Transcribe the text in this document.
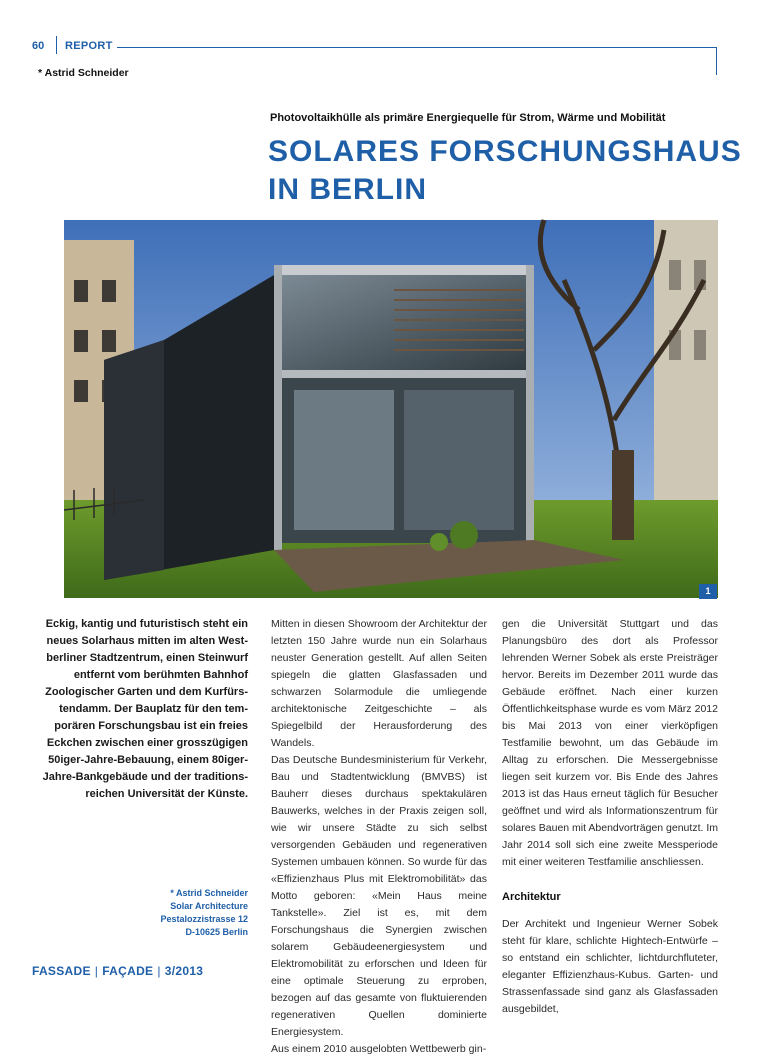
60 REPORT
* Astrid Schneider
Photovoltaikhülle als primäre Energiequelle für Strom, Wärme und Mobilität
SOLARES FORSCHUNGSHAUS
IN BERLIN
1
Eckig, kantig und futuristisch steht ein neues Solarhaus mitten im alten West-berliner Stadtzentrum, einen Steinwurf entfernt vom berühmten Bahnhof Zoologischer Garten und dem Kurfürs-tendamm. Der Bauplatz für den tem-porären Forschungsbau ist ein freies Eckchen zwischen einer grosszügigen 50iger-Jahre-Bebauung, einem 80iger-Jahre-Bankgebäude und der traditions-reichen Universität der Künste.
* Astrid Schneider
Solar Architecture
Pestalozzistrasse 12
D-10625 Berlin

Mitten in diesen Showroom der Architektur der letzten 150 Jahre wurde nun ein Solarhaus neuster Generation gestellt. Auf allen Seiten spiegeln die glatten Glasfassaden und schwarzen Solarmodule die umliegende architektonische Zeitgeschichte – als Spiegelbild der Herausforderung des Wandels.

Das Deutsche Bundesministerium für Verkehr, Bau und Stadtentwicklung (BMVBS) ist Bauherr dieses durchaus spektakulären Bauwerks, welches in der Praxis zeigen soll, wie wir unsere Städte zu sich selbst versorgenden Gebäuden und regenerativen Systemen umbauen können. So wurde für das «Effizienzhaus Plus mit Elektromobilität» das Motto geboren: «Mein Haus meine Tankstelle». Ziel ist es, mit dem Forschungshaus die Synergien zwischen solarem Gebäudeenergiesystem und Elektromobilität zu erforschen und Ideen für eine optimale Steuerung zu erproben, bezogen auf das gesamte von fluktuierenden regenerativen Quellen dominierte Energiesystem.

Aus einem 2010 ausgelobten Wettbewerb gin-

gen die Universität Stuttgart und das Planungsbüro des dort als Professor lehrenden Werner Sobek als erste Preisträger hervor. Bereits im Dezember 2011 wurde das Gebäude eröffnet. Nach einer kurzen Öffentlichkeitsphase wurde es vom März 2012 bis Mai 2013 von einer vierköpfigen Testfamilie bewohnt, um das Gebäude im Alltag zu erforschen. Die Messergebnisse liegen seit kurzem vor. Bis Ende des Jahres 2013 ist das Haus erneut täglich für Besucher geöffnet und wird als Informationszentrum für solares Bauen mit Abendvorträgen genutzt. Im Jahr 2014 soll sich eine zweite Messperiode mit einer weiteren Testfamilie anschliessen.

Architektur

Der Architekt und Ingenieur Werner Sobek steht für klare, schlichte Hightech-Entwürfe – so entstand ein schlichter, lichtdurchfluteter, eleganter Effizienzhaus-Kubus. Garten- und Strassenfassade sind ganz als Glasfassaden ausgebildet,

FASSADE | FAÇADE | 3/2013
